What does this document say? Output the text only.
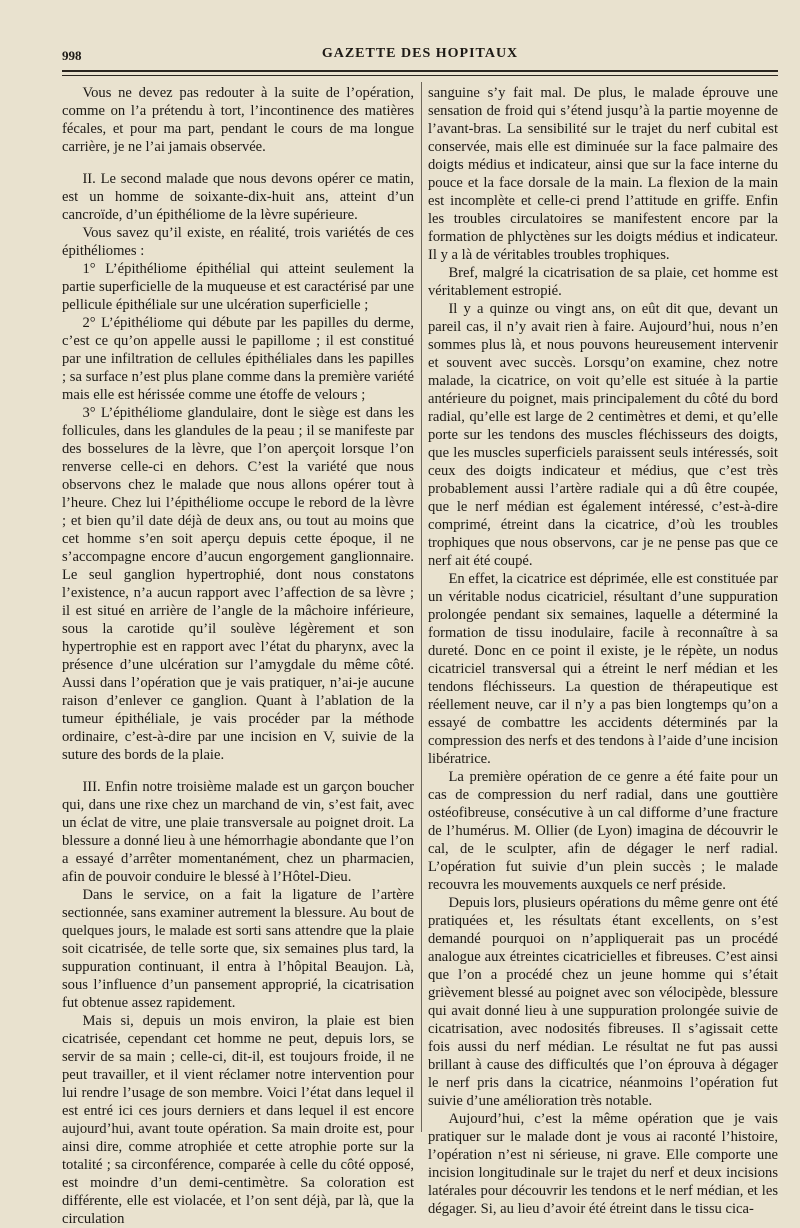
998	GAZETTE DES HOPITAUX

Vous ne devez pas redouter à la suite de l’opération, comme on l’a prétendu à tort, l’incontinence des matières fécales, et pour ma part, pendant le cours de ma longue carrière, je ne l’ai jamais observée.

II. Le second malade que nous devons opérer ce matin, est un homme de soixante-dix-huit ans, atteint d’un cancroïde, d’un épithéliome de la lèvre supérieure.

Vous savez qu’il existe, en réalité, trois variétés de ces épithéliomes :

1° L’épithéliome épithélial qui atteint seulement la partie superficielle de la muqueuse et est caractérisé par une pellicule épithéliale sur une ulcération superficielle ;

2° L’épithéliome qui débute par les papilles du derme, c’est ce qu’on appelle aussi le papillome ; il est constitué par une infiltration de cellules épithéliales dans les papilles ; sa surface n’est plus plane comme dans la première variété mais elle est hérissée comme une étoffe de velours ;

3° L’épithéliome glandulaire, dont le siège est dans les follicules, dans les glandules de la peau ; il se manifeste par des bosselures de la lèvre, que l’on aperçoit lorsque l’on renverse celle-ci en dehors. C’est la variété que nous observons chez le malade que nous allons opérer tout à l’heure. Chez lui l’épithéliome occupe le rebord de la lèvre ; et bien qu’il date déjà de deux ans, ou tout au moins que cet homme s’en soit aperçu depuis cette époque, il ne s’accompagne encore d’aucun engorgement ganglionnaire. Le seul ganglion hypertrophié, dont nous constatons l’existence, n’a aucun rapport avec l’affection de sa lèvre ; il est situé en arrière de l’angle de la mâchoire inférieure, sous la carotide qu’il soulève légèrement et son hypertrophie est en rapport avec l’état du pharynx, avec la présence d’une ulcération sur l’amygdale du même côté. Aussi dans l’opération que je vais pratiquer, n’ai-je aucune raison d’enlever ce ganglion. Quant à l’ablation de la tumeur épithéliale, je vais procéder par la méthode ordinaire, c’est-à-dire par une incision en V, suivie de la suture des bords de la plaie.

III. Enfin notre troisième malade est un garçon boucher qui, dans une rixe chez un marchand de vin, s’est fait, avec un éclat de vitre, une plaie transversale au poignet droit. La blessure a donné lieu à une hémorrhagie abondante que l’on a essayé d’arrêter momentanément, chez un pharmacien, afin de pouvoir conduire le blessé à l’Hôtel-Dieu.

Dans le service, on a fait la ligature de l’artère sectionnée, sans examiner autrement la blessure. Au bout de quelques jours, le malade est sorti sans attendre que la plaie soit cicatrisée, de telle sorte que, six semaines plus tard, la suppuration continuant, il entra à l’hôpital Beaujon. Là, sous l’influence d’un pansement approprié, la cicatrisation fut obtenue assez rapidement.

Mais si, depuis un mois environ, la plaie est bien cicatrisée, cependant cet homme ne peut, depuis lors, se servir de sa main ; celle-ci, dit-il, est toujours froide, il ne peut travailler, et il vient réclamer notre intervention pour lui rendre l’usage de son membre. Voici l’état dans lequel il est entré ici ces jours derniers et dans lequel il est encore aujourd’hui, avant toute opération. Sa main droite est, pour ainsi dire, comme atrophiée et cette atrophie porte sur la totalité ; sa circonférence, comparée à celle du côté opposé, est moindre d’un demi-centimètre. Sa coloration est différente, elle est violacée, et l’on sent déjà, par là, que la circulation

sanguine s’y fait mal. De plus, le malade éprouve une sensation de froid qui s’étend jusqu’à la partie moyenne de l’avant-bras. La sensibilité sur le trajet du nerf cubital est conservée, mais elle est diminuée sur la face palmaire des doigts médius et indicateur, ainsi que sur la face interne du pouce et la face dorsale de la main. La flexion de la main est incomplète et celle-ci prend l’attitude en griffe. Enfin les troubles circulatoires se manifestent encore par la formation de phlyctènes sur les doigts médius et indicateur. Il y a là de véritables troubles trophiques.

Bref, malgré la cicatrisation de sa plaie, cet homme est véritablement estropié.

Il y a quinze ou vingt ans, on eût dit que, devant un pareil cas, il n’y avait rien à faire. Aujourd’hui, nous n’en sommes plus là, et nous pouvons heureusement intervenir et souvent avec succès. Lorsqu’on examine, chez notre malade, la cicatrice, on voit qu’elle est située à la partie antérieure du poignet, mais principalement du côté du bord radial, qu’elle est large de 2 centimètres et demi, et qu’elle porte sur les tendons des muscles fléchisseurs des doigts, que les muscles superficiels paraissent seuls intéressés, soit ceux des doigts indicateur et médius, que c’est très probablement aussi l’artère radiale qui a dû être coupée, que le nerf médian est également intéressé, c’est-à-dire comprimé, étreint dans la cicatrice, d’où les troubles trophiques que nous observons, car je ne pense pas que ce nerf ait été coupé.

En effet, la cicatrice est déprimée, elle est constituée par un véritable nodus cicatriciel, résultant d’une suppuration prolongée pendant six semaines, laquelle a déterminé la formation de tissu inodulaire, facile à reconnaître à sa dureté. Donc en ce point il existe, je le répète, un nodus cicatriciel transversal qui a étreint le nerf médian et les tendons fléchisseurs. La question de thérapeutique est réellement neuve, car il n’y a pas bien longtemps qu’on a essayé de combattre les accidents déterminés par la compression des nerfs et des tendons à l’aide d’une incision libératrice.

La première opération de ce genre a été faite pour un cas de compression du nerf radial, dans une gouttière ostéofibreuse, consécutive à un cal difforme d’une fracture de l’humérus. M. Ollier (de Lyon) imagina de découvrir le cal, de le sculpter, afin de dégager le nerf radial. L’opération fut suivie d’un plein succès ; le malade recouvra les mouvements auxquels ce nerf préside.

Depuis lors, plusieurs opérations du même genre ont été pratiquées et, les résultats étant excellents, on s’est demandé pourquoi on n’appliquerait pas un procédé analogue aux étreintes cicatricielles et fibreuses. C’est ainsi que l’on a procédé chez un jeune homme qui s’était grièvement blessé au poignet avec son vélocipède, blessure qui avait donné lieu à une suppuration prolongée suivie de cicatrisation, avec nodosités fibreuses. Il s’agissait cette fois aussi du nerf médian. Le résultat ne fut pas aussi brillant à cause des difficultés que l’on éprouva à dégager le nerf pris dans la cicatrice, néanmoins l’opération fut suivie d’une amélioration très notable.

Aujourd’hui, c’est la même opération que je vais pratiquer sur le malade dont je vous ai raconté l’histoire, l’opération n’est ni sérieuse, ni grave. Elle comporte une incision longitudinale sur le trajet du nerf et deux incisions latérales pour découvrir les tendons et le nerf médian, et les dégager. Si, au lieu d’avoir été étreint dans le tissu cica-
